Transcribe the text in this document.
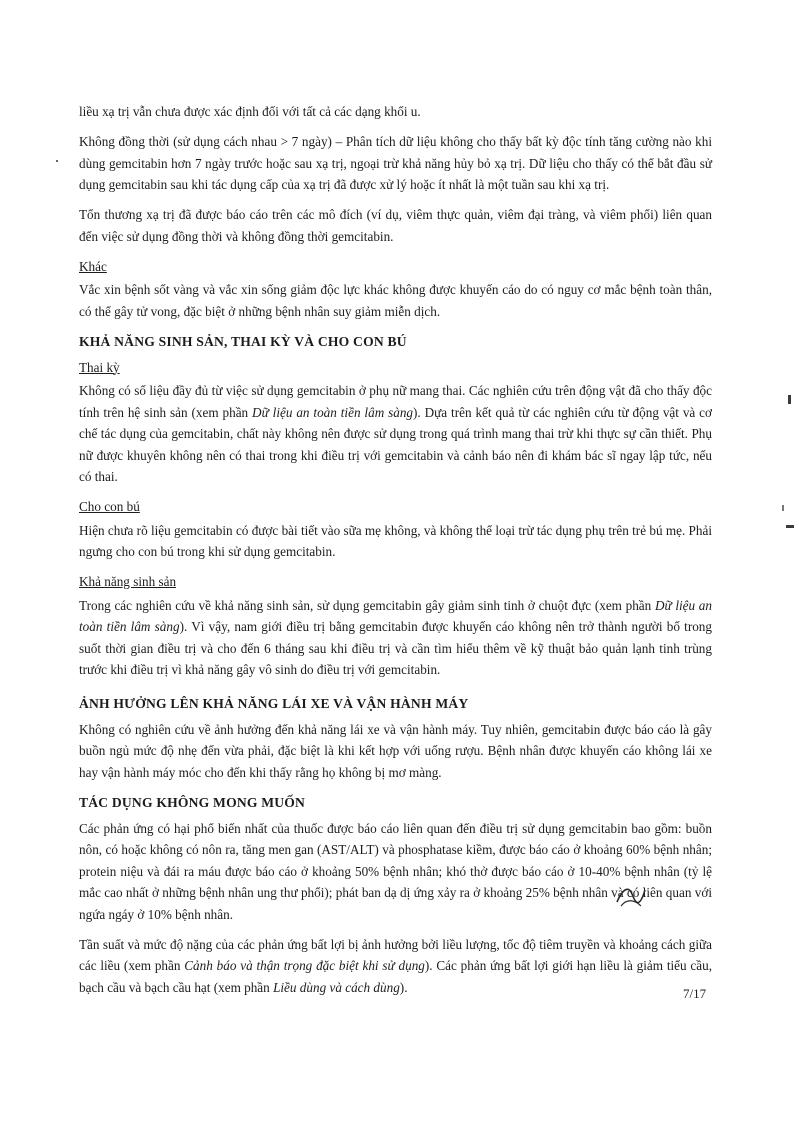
liều xạ trị vẫn chưa được xác định đối với tất cả các dạng khối u.

Không đồng thời (sử dụng cách nhau > 7 ngày) – Phân tích dữ liệu không cho thấy bất kỳ độc tính tăng cường nào khi dùng gemcitabin hơn 7 ngày trước hoặc sau xạ trị, ngoại trừ khả năng hủy bỏ xạ trị. Dữ liệu cho thấy có thể bắt đầu sử dụng gemcitabin sau khi tác dụng cấp của xạ trị đã được xử lý hoặc ít nhất là một tuần sau khi xạ trị.

Tổn thương xạ trị đã được báo cáo trên các mô đích (ví dụ, viêm thực quản, viêm đại tràng, và viêm phổi) liên quan đến việc sử dụng đồng thời và không đồng thời gemcitabin.

Khác

Vắc xin bệnh sốt vàng và vắc xin sống giảm độc lực khác không được khuyến cáo do có nguy cơ mắc bệnh toàn thân, có thể gây tử vong, đặc biệt ở những bệnh nhân suy giảm miễn dịch.

KHẢ NĂNG SINH SẢN, THAI KỲ VÀ CHO CON BÚ
Thai kỳ

Không có số liệu đầy đủ từ việc sử dụng gemcitabin ở phụ nữ mang thai. Các nghiên cứu trên động vật đã cho thấy độc tính trên hệ sinh sản (xem phần Dữ liệu an toàn tiền lâm sàng). Dựa trên kết quả từ các nghiên cứu từ động vật và cơ chế tác dụng của gemcitabin, chất này không nên được sử dụng trong quá trình mang thai trừ khi thực sự cần thiết. Phụ nữ được khuyên không nên có thai trong khi điều trị với gemcitabin và cảnh báo nên đi khám bác sĩ ngay lập tức, nếu có thai.

Cho con bú

Hiện chưa rõ liệu gemcitabin có được bài tiết vào sữa mẹ không, và không thể loại trừ tác dụng phụ trên trẻ bú mẹ. Phải ngưng cho con bú trong khi sử dụng gemcitabin.

Khả năng sinh sản

Trong các nghiên cứu về khả năng sinh sản, sử dụng gemcitabin gây giảm sinh tinh ở chuột đực (xem phần Dữ liệu an toàn tiền lâm sàng). Vì vậy, nam giới điều trị bằng gemcitabin được khuyến cáo không nên trở thành người bố trong suốt thời gian điều trị và cho đến 6 tháng sau khi điều trị và cần tìm hiểu thêm về kỹ thuật bảo quản lạnh tinh trùng trước khi điều trị vì khả năng gây vô sinh do điều trị với gemcitabin.

ẢNH HƯỞNG LÊN KHẢ NĂNG LÁI XE VÀ VẬN HÀNH MÁY

Không có nghiên cứu về ảnh hưởng đến khả năng lái xe và vận hành máy. Tuy nhiên, gemcitabin được báo cáo là gây buồn ngủ mức độ nhẹ đến vừa phải, đặc biệt là khi kết hợp với uống rượu. Bệnh nhân được khuyến cáo không lái xe hay vận hành máy móc cho đến khi thấy rằng họ không bị mơ màng.

TÁC DỤNG KHÔNG MONG MUỐN

Các phản ứng có hại phổ biến nhất của thuốc được báo cáo liên quan đến điều trị sử dụng gemcitabin bao gồm: buồn nôn, có hoặc không có nôn ra, tăng men gan (AST/ALT) và phosphatase kiềm, được báo cáo ở khoảng 60% bệnh nhân; protein niệu và đái ra máu được báo cáo ở khoảng 50% bệnh nhân; khó thở được báo cáo ở 10-40% bệnh nhân (tỷ lệ mắc cao nhất ở những bệnh nhân ung thư phổi); phát ban dạ dị ứng xảy ra ở khoảng 25% bệnh nhân và có liên quan với ngứa ngáy ở 10% bệnh nhân.

Tần suất và mức độ nặng của các phản ứng bất lợi bị ảnh hưởng bởi liều lượng, tốc độ tiêm truyền và khoảng cách giữa các liều (xem phần Cảnh báo và thận trọng đặc biệt khi sử dụng). Các phản ứng bất lợi giới hạn liều là giảm tiểu cầu, bạch cầu và bạch cầu hạt (xem phần Liều dùng và cách dùng).	7/17
